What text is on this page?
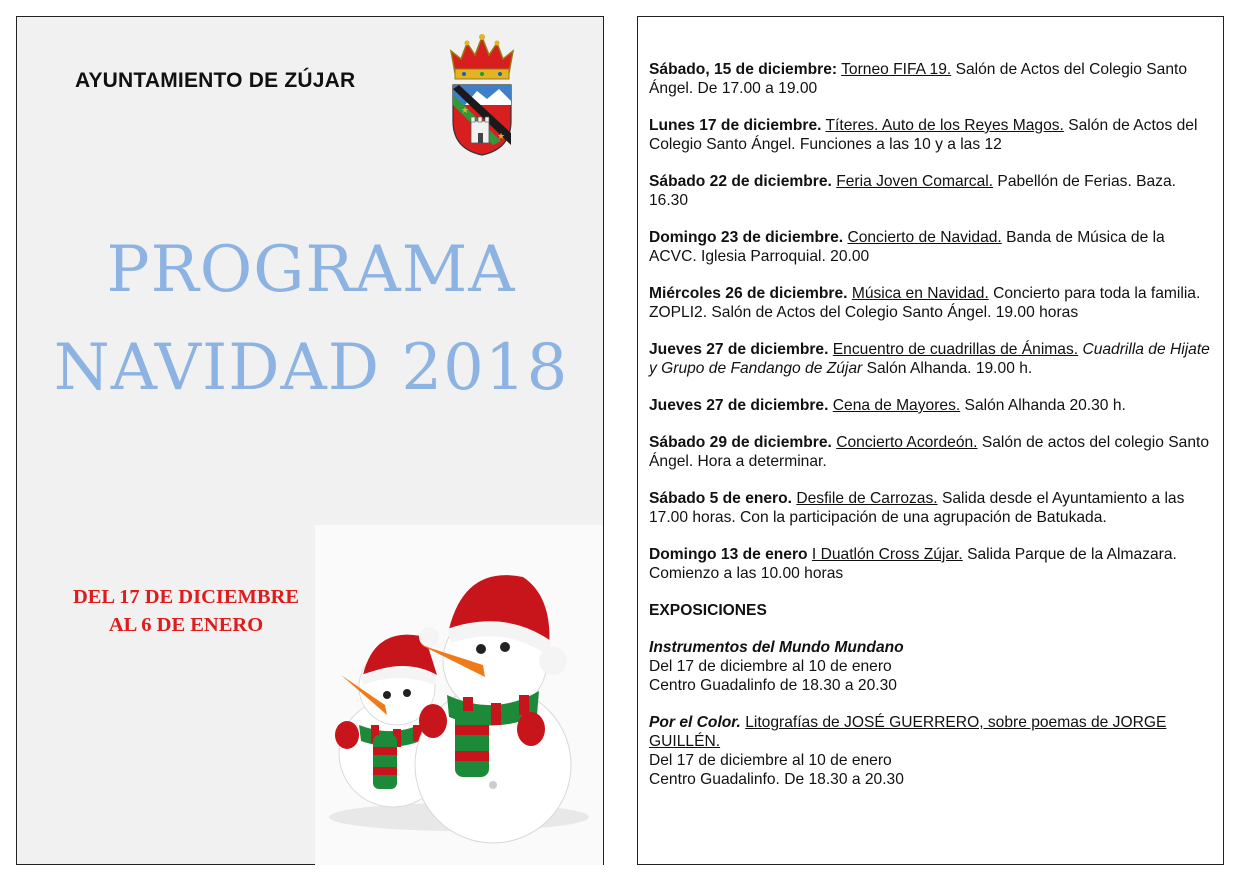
AYUNTAMIENTO DE ZÚJAR
★
★
PROGRAMA
NAVIDAD 2018
DEL 17 DE DICIEMBRE
AL 6 DE ENERO
Sábado, 15 de diciembre: Torneo FIFA 19. Salón de Actos del Colegio Santo Ángel. De 17.00 a 19.00
Lunes 17 de diciembre. Títeres. Auto de los Reyes Magos. Salón de Actos del Colegio Santo Ángel. Funciones a las 10 y a las 12
Sábado 22 de diciembre. Feria Joven Comarcal. Pabellón de Ferias. Baza. 16.30
Domingo 23 de diciembre. Concierto de Navidad. Banda de Música de la ACVC. Iglesia Parroquial. 20.00
Miércoles 26 de diciembre. Música en Navidad. Concierto para toda la familia. ZOPLI2. Salón de Actos del Colegio Santo Ángel. 19.00 horas
Jueves 27 de diciembre. Encuentro de cuadrillas de Ánimas. Cuadrilla de Hijate y Grupo de Fandango de Zújar Salón Alhanda. 19.00 h.
Jueves 27 de diciembre. Cena de Mayores. Salón Alhanda 20.30 h.
Sábado 29 de diciembre. Concierto Acordeón. Salón de actos del colegio Santo Ángel. Hora a determinar.
Sábado 5 de enero. Desfile de Carrozas. Salida desde el Ayuntamiento a las 17.00 horas. Con la participación de una agrupación de Batukada.
Domingo 13 de enero I Duatlón Cross Zújar. Salida Parque de la Almazara. Comienzo a las 10.00 horas
EXPOSICIONES
Instrumentos del Mundo Mundano
Del 17 de diciembre al 10 de enero
Centro Guadalinfo de 18.30 a 20.30
Por el Color. Litografías de JOSÉ GUERRERO, sobre poemas de JORGE GUILLÉN.
Del 17 de diciembre al 10 de enero
Centro Guadalinfo. De 18.30 a 20.30
